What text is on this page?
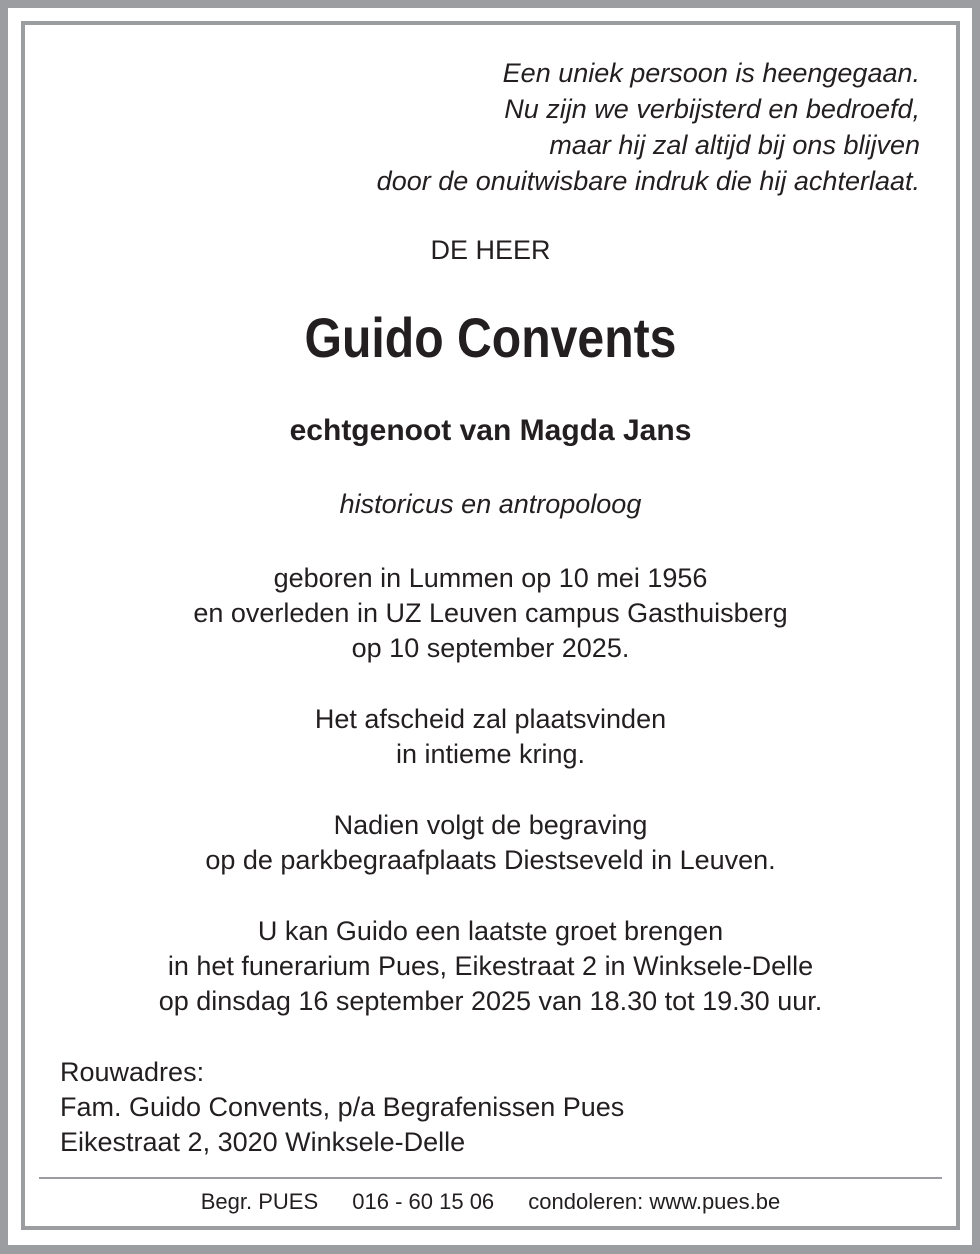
Een uniek persoon is heengegaan.
Nu zijn we verbijsterd en bedroefd,
maar hij zal altijd bij ons blijven
door de onuitwisbare indruk die hij achterlaat.
DE HEER
Guido Convents
echtgenoot van Magda Jans
historicus en antropoloog
geboren in Lummen op 10 mei 1956
en overleden in UZ Leuven campus Gasthuisberg
op 10 september 2025.
Het afscheid zal plaatsvinden
in intieme kring.
Nadien volgt de begraving
op de parkbegraafplaats Diestseveld in Leuven.
U kan Guido een laatste groet brengen
in het funerarium Pues, Eikestraat 2 in Winksele-Delle
op dinsdag 16 september 2025 van 18.30 tot 19.30 uur.
Rouwadres:
Fam. Guido Convents, p/a Begrafenissen Pues
Eikestraat 2, 3020 Winksele-Delle
Begr. PUES 016 - 60 15 06 condoleren: www.pues.be
